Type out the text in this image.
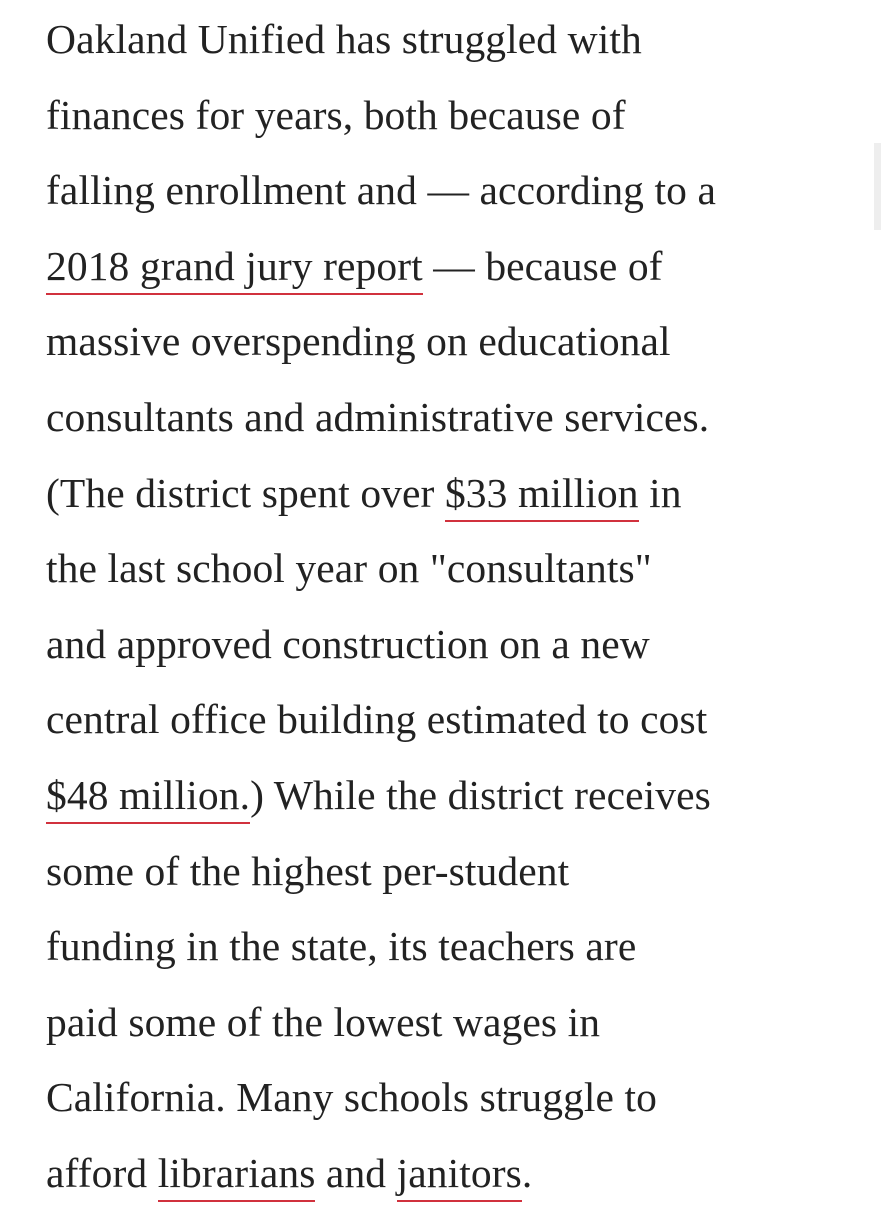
Oakland Unified has struggled with
finances for years, both because of
falling enrollment and — according to a
2018 grand jury report — because of
massive overspending on educational
consultants and administrative services.
(The district spent over $33 million in
the last school year on "consultants"
and approved construction on a new
central office building estimated to cost
$48 million.) While the district receives
some of the highest per-student
funding in the state, its teachers are
paid some of the lowest wages in
California. Many schools struggle to
afford librarians and janitors.
